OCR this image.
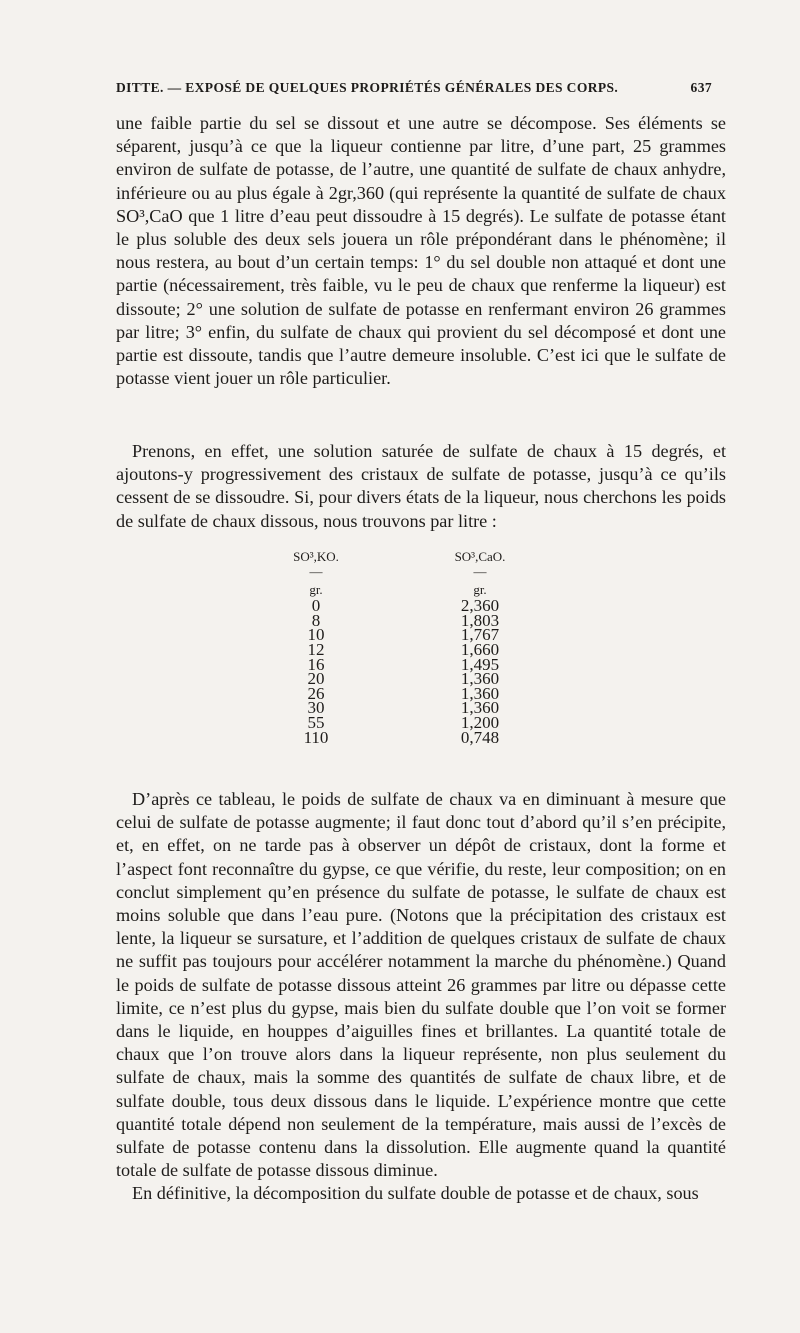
DITTE. — EXPOSÉ DE QUELQUES PROPRIÉTÉS GÉNÉRALES DES CORPS.	637

une faible partie du sel se dissout et une autre se décompose. Ses éléments se séparent, jusqu’à ce que la liqueur contienne par litre, d’une part, 25 grammes environ de sulfate de potasse, de l’autre, une quantité de sulfate de chaux anhydre, inférieure ou au plus égale à 2gr,360 (qui représente la quantité de sulfate de chaux SO³,CaO que 1 litre d’eau peut dissoudre à 15 degrés). Le sulfate de potasse étant le plus soluble des deux sels jouera un rôle prépondérant dans le phénomène; il nous restera, au bout d’un certain temps: 1° du sel double non attaqué et dont une partie (nécessairement, très faible, vu le peu de chaux que renferme la liqueur) est dissoute; 2° une solution de sulfate de potasse en renfermant environ 26 grammes par litre; 3° enfin, du sulfate de chaux qui provient du sel décomposé et dont une partie est dissoute, tandis que l’autre demeure insoluble. C’est ici que le sulfate de potasse vient jouer un rôle particulier.

Prenons, en effet, une solution saturée de sulfate de chaux à 15 degrés, et ajoutons-y progressivement des cristaux de sulfate de potasse, jusqu’à ce qu’ils cessent de se dissoudre. Si, pour divers états de la liqueur, nous cherchons les poids de sulfate de chaux dissous, nous trouvons par litre :

SO³,KO.
—
gr.
0
8
10
12
16
20
26
30
55
110
SO³,CaO.
—
gr.
2,360
1,803
1,767
1,660
1,495
1,360
1,360
1,360
1,200
0,748

D’après ce tableau, le poids de sulfate de chaux va en diminuant à mesure que celui de sulfate de potasse augmente; il faut donc tout d’abord qu’il s’en précipite, et, en effet, on ne tarde pas à observer un dépôt de cristaux, dont la forme et l’aspect font reconnaître du gypse, ce que vérifie, du reste, leur composition; on en conclut simplement qu’en présence du sulfate de potasse, le sulfate de chaux est moins soluble que dans l’eau pure. (Notons que la précipitation des cristaux est lente, la liqueur se sursature, et l’addition de quelques cristaux de sulfate de chaux ne suffit pas toujours pour accélérer notamment la marche du phénomène.) Quand le poids de sulfate de potasse dissous atteint 26 grammes par litre ou dépasse cette limite, ce n’est plus du gypse, mais bien du sulfate double que l’on voit se former dans le liquide, en houppes d’aiguilles fines et brillantes. La quantité totale de chaux que l’on trouve alors dans la liqueur représente, non plus seulement du sulfate de chaux, mais la somme des quantités de sulfate de chaux libre, et de sulfate double, tous deux dissous dans le liquide. L’expérience montre que cette quantité totale dépend non seulement de la température, mais aussi de l’excès de sulfate de potasse contenu dans la dissolution. Elle augmente quand la quantité totale de sulfate de potasse dissous diminue.

En définitive, la décomposition du sulfate double de potasse et de chaux, sous
